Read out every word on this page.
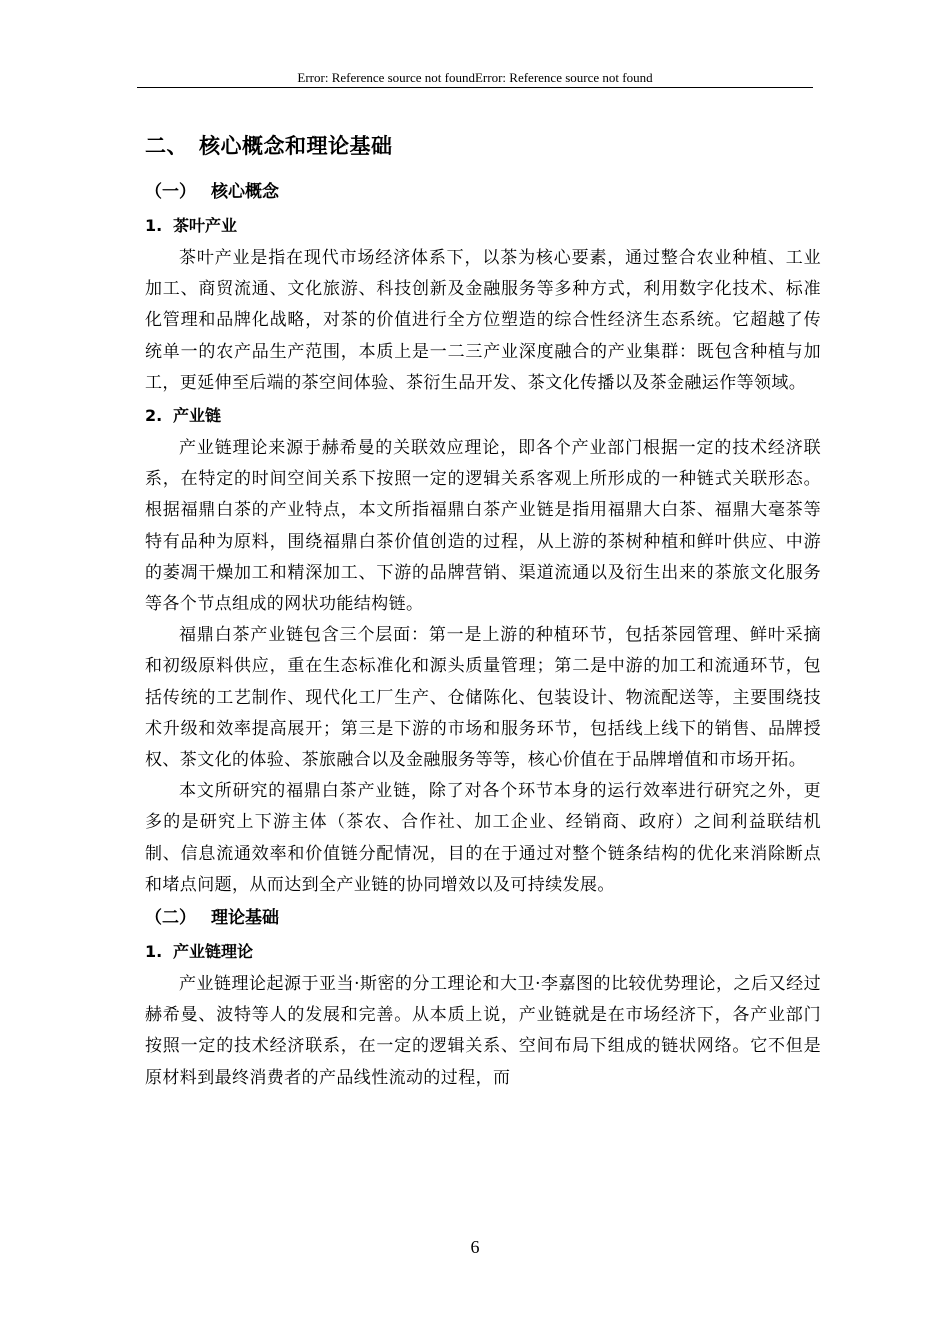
Error: Reference source not foundError: Reference source not found
二、 核心概念和理论基础
（一） 核心概念
1. 茶叶产业

茶叶产业是指在现代市场经济体系下，以茶为核心要素，通过整合农业种植、工业加工、商贸流通、文化旅游、科技创新及金融服务等多种方式，利用数字化技术、标准化管理和品牌化战略，对茶的价值进行全方位塑造的综合性经济生态系统。它超越了传统单一的农产品生产范围，本质上是一二三产业深度融合的产业集群：既包含种植与加工，更延伸至后端的茶空间体验、茶衍生品开发、茶文化传播以及茶金融运作等领域。

2. 产业链

产业链理论来源于赫希曼的关联效应理论，即各个产业部门根据一定的技术经济联系，在特定的时间空间关系下按照一定的逻辑关系客观上所形成的一种链式关联形态。根据福鼎白茶的产业特点，本文所指福鼎白茶产业链是指用福鼎大白茶、福鼎大毫茶等特有品种为原料，围绕福鼎白茶价值创造的过程，从上游的茶树种植和鲜叶供应、中游的萎凋干燥加工和精深加工、下游的品牌营销、渠道流通以及衍生出来的茶旅文化服务等各个节点组成的网状功能结构链。

福鼎白茶产业链包含三个层面：第一是上游的种植环节，包括茶园管理、鲜叶采摘和初级原料供应，重在生态标准化和源头质量管理；第二是中游的加工和流通环节，包括传统的工艺制作、现代化工厂生产、仓储陈化、包装设计、物流配送等，主要围绕技术升级和效率提高展开；第三是下游的市场和服务环节，包括线上线下的销售、品牌授权、茶文化的体验、茶旅融合以及金融服务等等，核心价值在于品牌增值和市场开拓。

本文所研究的福鼎白茶产业链，除了对各个环节本身的运行效率进行研究之外，更多的是研究上下游主体（茶农、合作社、加工企业、经销商、政府）之间利益联结机制、信息流通效率和价值链分配情况，目的在于通过对整个链条结构的优化来消除断点和堵点问题，从而达到全产业链的协同增效以及可持续发展。

（二） 理论基础
1. 产业链理论

产业链理论起源于亚当·斯密的分工理论和大卫·李嘉图的比较优势理论，之后又经过赫希曼、波特等人的发展和完善。从本质上说，产业链就是在市场经济下，各产业部门按照一定的技术经济联系，在一定的逻辑关系、空间布局下组成的链状网络。它不但是原材料到最终消费者的产品线性流动的过程，而

6
